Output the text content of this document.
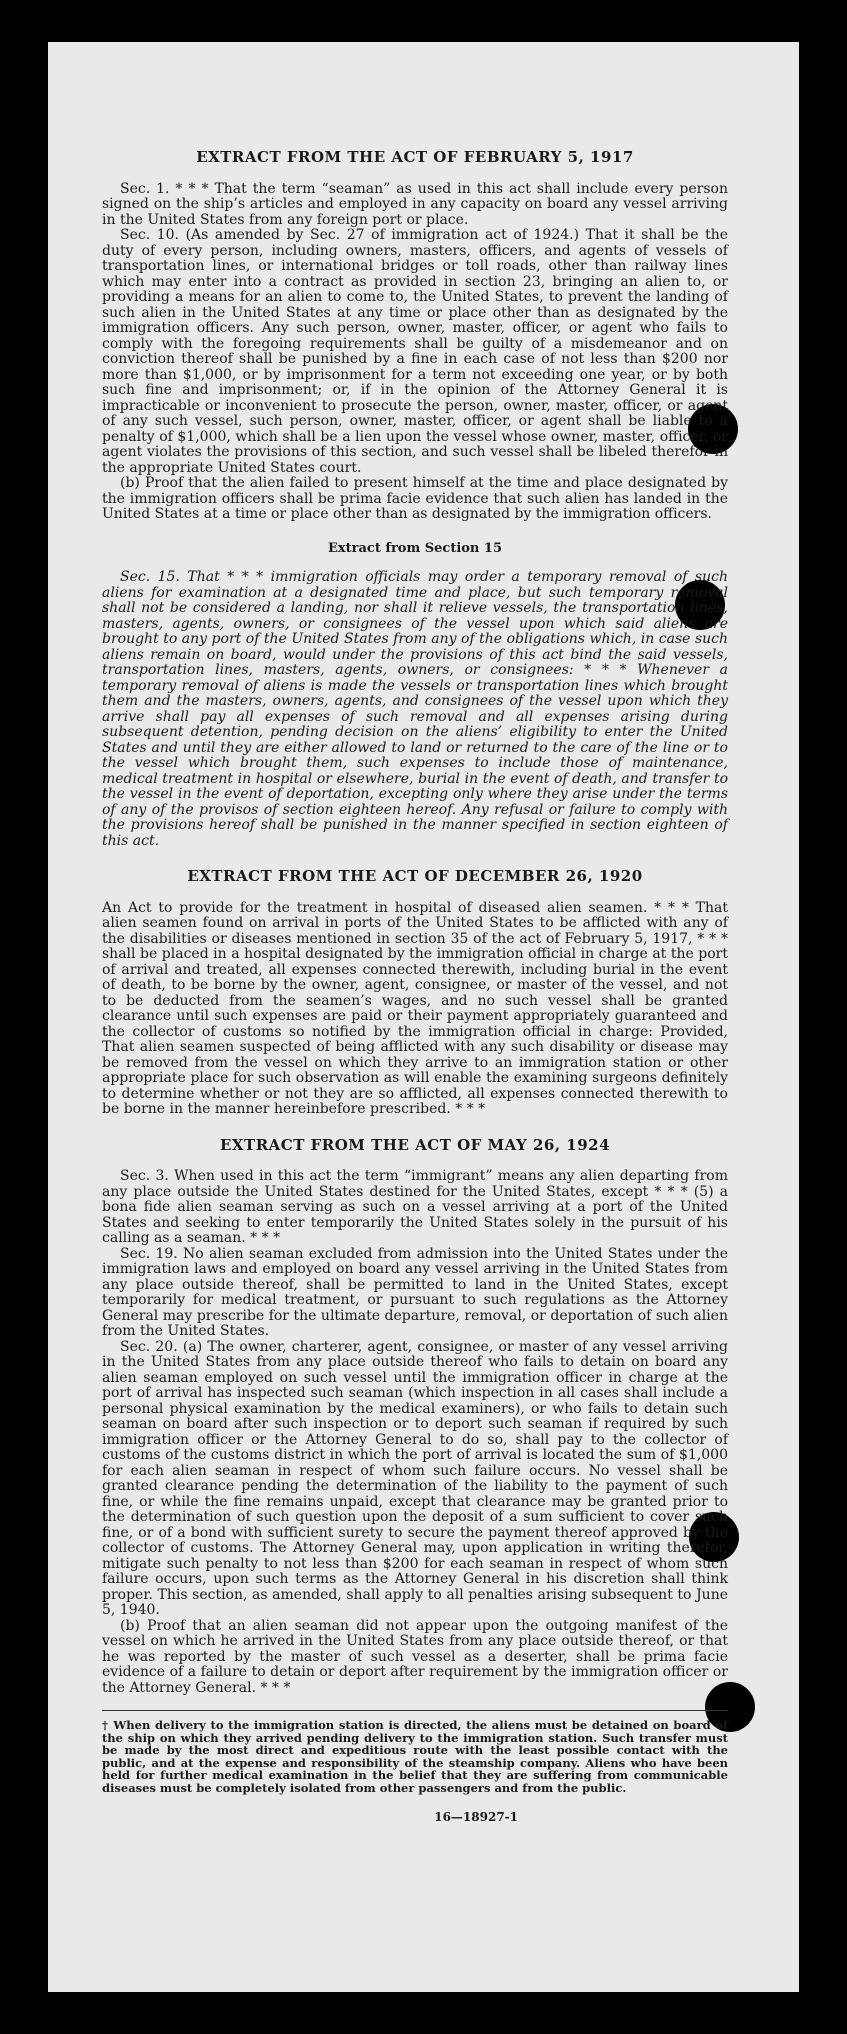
EXTRACT FROM THE ACT OF FEBRUARY 5, 1917

Sec. 1. * * * That the term “seaman” as used in this act shall include every person signed on the ship’s articles and employed in any capacity on board any vessel arriving in the United States from any foreign port or place.

Sec. 10. (As amended by Sec. 27 of immigration act of 1924.) That it shall be the duty of every person, including owners, masters, officers, and agents of vessels of transportation lines, or international bridges or toll roads, other than railway lines which may enter into a contract as provided in section 23, bringing an alien to, or providing a means for an alien to come to, the United States, to prevent the landing of such alien in the United States at any time or place other than as designated by the immigration officers. Any such person, owner, master, officer, or agent who fails to comply with the foregoing requirements shall be guilty of a misdemeanor and on conviction thereof shall be punished by a fine in each case of not less than $200 nor more than $1,000, or by imprisonment for a term not exceeding one year, or by both such fine and imprisonment; or, if in the opinion of the Attorney General it is impracticable or inconvenient to prosecute the person, owner, master, officer, or agent of any such vessel, such person, owner, master, officer, or agent shall be liable to a penalty of $1,000, which shall be a lien upon the vessel whose owner, master, officer, or agent violates the provisions of this section, and such vessel shall be libeled therefor in the appropriate United States court.

(b) Proof that the alien failed to present himself at the time and place designated by the immigration officers shall be prima facie evidence that such alien has landed in the United States at a time or place other than as designated by the immigration officers.

Extract from Section 15

Sec. 15. That * * * immigration officials may order a temporary removal of such aliens for examination at a designated time and place, but such temporary removal shall not be considered a landing, nor shall it relieve vessels, the transportation lines, masters, agents, owners, or consignees of the vessel upon which said aliens are brought to any port of the United States from any of the obligations which, in case such aliens remain on board, would under the provisions of this act bind the said vessels, transportation lines, masters, agents, owners, or consignees: * * * Whenever a temporary removal of aliens is made the vessels or transportation lines which brought them and the masters, owners, agents, and consignees of the vessel upon which they arrive shall pay all expenses of such removal and all expenses arising during subsequent detention, pending decision on the aliens’ eligibility to enter the United States and until they are either allowed to land or returned to the care of the line or to the vessel which brought them, such expenses to include those of maintenance, medical treatment in hospital or elsewhere, burial in the event of death, and transfer to the vessel in the event of deportation, excepting only where they arise under the terms of any of the provisos of section eighteen hereof. Any refusal or failure to comply with the provisions hereof shall be punished in the manner specified in section eighteen of this act.

EXTRACT FROM THE ACT OF DECEMBER 26, 1920

An Act to provide for the treatment in hospital of diseased alien seamen. * * * That alien seamen found on arrival in ports of the United States to be afflicted with any of the disabilities or diseases mentioned in section 35 of the act of February 5, 1917, * * * shall be placed in a hospital designated by the immigration official in charge at the port of arrival and treated, all expenses connected therewith, including burial in the event of death, to be borne by the owner, agent, consignee, or master of the vessel, and not to be deducted from the seamen’s wages, and no such vessel shall be granted clearance until such expenses are paid or their payment appropriately guaranteed and the collector of customs so notified by the immigration official in charge: Provided, That alien seamen suspected of being afflicted with any such disability or disease may be removed from the vessel on which they arrive to an immigration station or other appropriate place for such observation as will enable the examining surgeons definitely to determine whether or not they are so afflicted, all expenses connected therewith to be borne in the manner hereinbefore prescribed. * * *

EXTRACT FROM THE ACT OF MAY 26, 1924

Sec. 3. When used in this act the term “immigrant” means any alien departing from any place outside the United States destined for the United States, except * * * (5) a bona fide alien seaman serving as such on a vessel arriving at a port of the United States and seeking to enter temporarily the United States solely in the pursuit of his calling as a seaman. * * *

Sec. 19. No alien seaman excluded from admission into the United States under the immigration laws and employed on board any vessel arriving in the United States from any place outside thereof, shall be permitted to land in the United States, except temporarily for medical treatment, or pursuant to such regulations as the Attorney General may prescribe for the ultimate departure, removal, or deportation of such alien from the United States.

Sec. 20. (a) The owner, charterer, agent, consignee, or master of any vessel arriving in the United States from any place outside thereof who fails to detain on board any alien seaman employed on such vessel until the immigration officer in charge at the port of arrival has inspected such seaman (which inspection in all cases shall include a personal physical examination by the medical examiners), or who fails to detain such seaman on board after such inspection or to deport such seaman if required by such immigration officer or the Attorney General to do so, shall pay to the collector of customs of the customs district in which the port of arrival is located the sum of $1,000 for each alien seaman in respect of whom such failure occurs. No vessel shall be granted clearance pending the determination of the liability to the payment of such fine, or while the fine remains unpaid, except that clearance may be granted prior to the determination of such question upon the deposit of a sum sufficient to cover such fine, or of a bond with sufficient surety to secure the payment thereof approved by the collector of customs. The Attorney General may, upon application in writing therefor, mitigate such penalty to not less than $200 for each seaman in respect of whom such failure occurs, upon such terms as the Attorney General in his discretion shall think proper. This section, as amended, shall apply to all penalties arising subsequent to June 5, 1940.

(b) Proof that an alien seaman did not appear upon the outgoing manifest of the vessel on which he arrived in the United States from any place outside thereof, or that he was reported by the master of such vessel as a deserter, shall be prima facie evidence of a failure to detain or deport after requirement by the immigration officer or the Attorney General. * * *

† When delivery to the immigration station is directed, the aliens must be detained on board of the ship on which they arrived pending delivery to the immigration station. Such transfer must be made by the most direct and expeditious route with the least possible contact with the public, and at the expense and responsibility of the steamship company. Aliens who have been held for further medical examination in the belief that they are suffering from communicable diseases must be completely isolated from other passengers and from the public.

16—18927-1
